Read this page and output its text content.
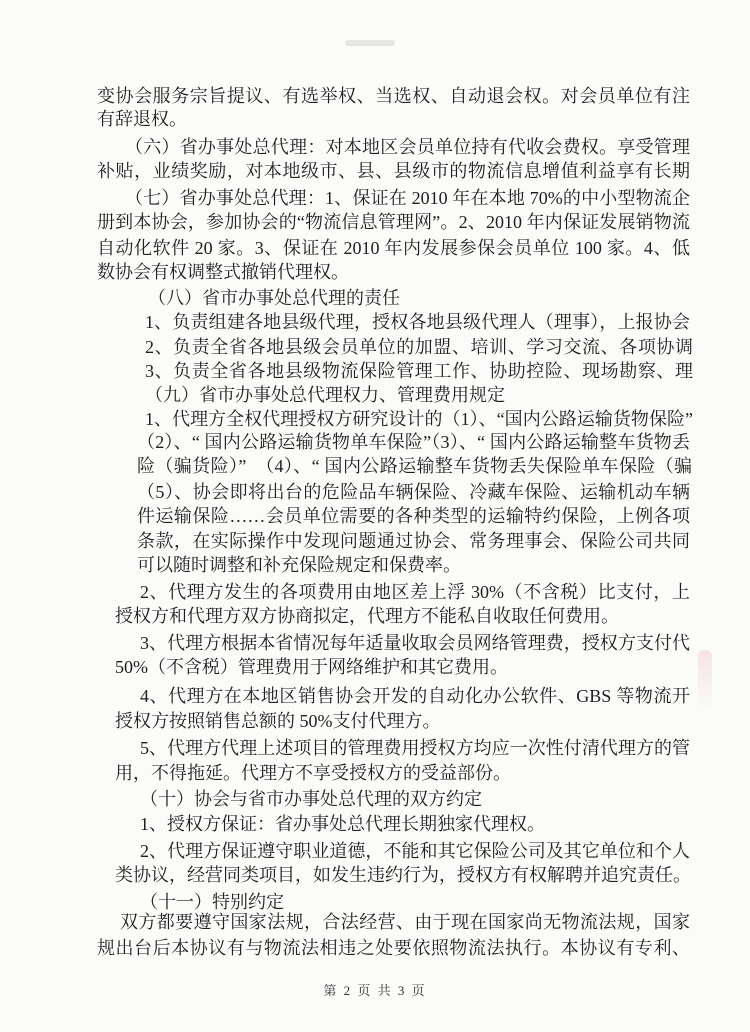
变协会服务宗旨提议、有选举权、当选权、自动退会权。对会员单位有注
有辞退权。
（六）省办事处总代理：对本地区会员单位持有代收会费权。享受管理
补贴，业绩奖励，对本地级市、县、县级市的物流信息增值利益享有长期
（七）省办事处总代理：1、保证在 2010 年在本地 70%的中小型物流企
册到本协会，参加协会的“物流信息管理网”。2、2010 年内保证发展销物流
自动化软件 20 家。3、保证在 2010 年内发展参保会员单位 100 家。4、低
数协会有权调整式撤销代理权。
（八）省市办事处总代理的责任
1、负责组建各地县级代理，授权各地县级代理人（理事），上报协会
2、负责全省各地县级会员单位的加盟、培训、学习交流、各项协调
3、负责全省各地县级物流保险管理工作、协助控险、现场勘察、理
（九）省市办事处总代理权力、管理费用规定
1、代理方全权代理授权方研究设计的（1）、“国内公路运输货物保险”
（2）、“ 国内公路运输货物单车保险”（3）、“ 国内公路运输整车货物丢
险（骗货险）”　（4）、“ 国内公路运输整车货物丢失保险单车保险（骗
（5）、协会即将出台的危险品车辆保险、冷藏车保险、运输机动车辆
件运输保险……会员单位需要的各种类型的运输特约保险，上例各项
条款，在实际操作中发现问题通过协会、常务理事会、保险公司共同
可以随时调整和补充保险规定和保费率。
2、代理方发生的各项费用由地区差上浮 30%（不含税）比支付，上
授权方和代理方双方协商拟定，代理方不能私自收取任何费用。
3、代理方根据本省情况每年适量收取会员网络管理费，授权方支付代
50%（不含税）管理费用于网络维护和其它费用。
4、代理方在本地区销售协会开发的自动化办公软件、GBS 等物流开
授权方按照销售总额的 50%支付代理方。
5、代理方代理上述项目的管理费用授权方均应一次性付清代理方的管
用，不得拖延。代理方不享受授权方的受益部份。
（十）协会与省市办事处总代理的双方约定
1、授权方保证：省办事处总代理长期独家代理权。
2、代理方保证遵守职业道德，不能和其它保险公司及其它单位和个人
类协议，经营同类项目，如发生违约行为，授权方有权解聘并追究责任。
（十一）特别约定
双方都要遵守国家法规，合法经营、由于现在国家尚无物流法规，国家
规出台后本协议有与物流法相违之处要依照物流法执行。本协议有专利、
第 2 页 共 3 页
